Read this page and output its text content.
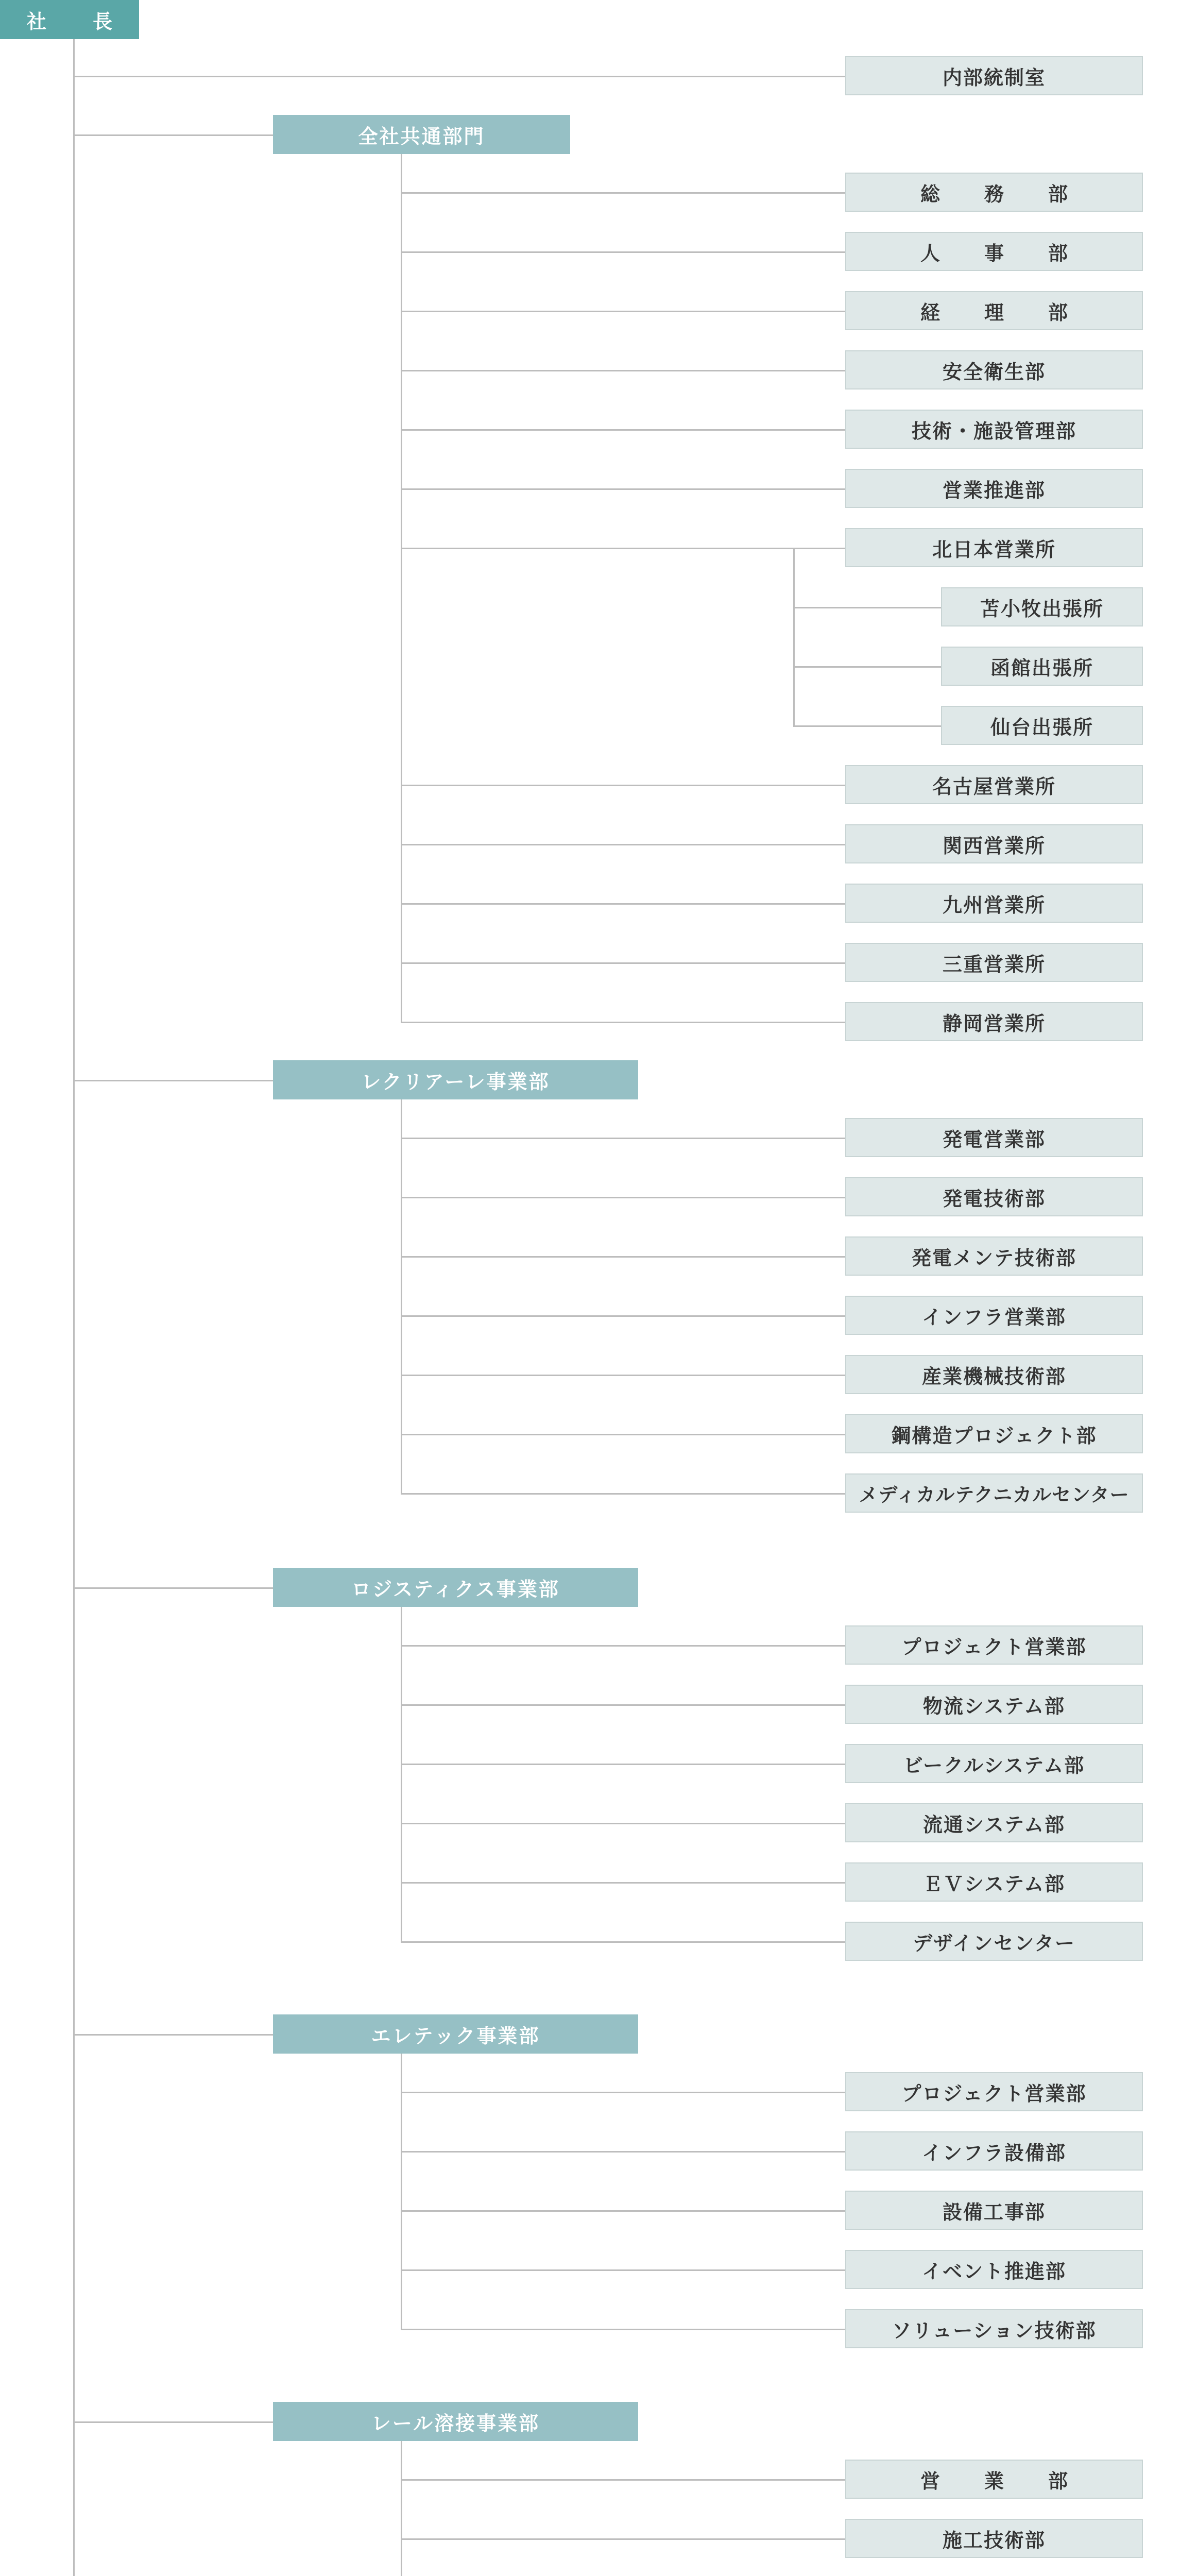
社　長
内部統制室
全社共通部門
総　務　部
人　事　部
経　理　部
安全衛生部
技術・施設管理部
営業推進部
北日本営業所
苫小牧出張所
函館出張所
仙台出張所
名古屋営業所
関西営業所
九州営業所
三重営業所
静岡営業所
レクリアーレ事業部
発電営業部
発電技術部
発電メンテ技術部
インフラ営業部
産業機械技術部
鋼構造プロジェクト部
メディカルテクニカルセンター
ロジスティクス事業部
プロジェクト営業部
物流システム部
ビークルシステム部
流通システム部
ＥＶシステム部
デザインセンター
エレテック事業部
プロジェクト営業部
インフラ設備部
設備工事部
イベント推進部
ソリューション技術部
レール溶接事業部
営　業　部
施工技術部
